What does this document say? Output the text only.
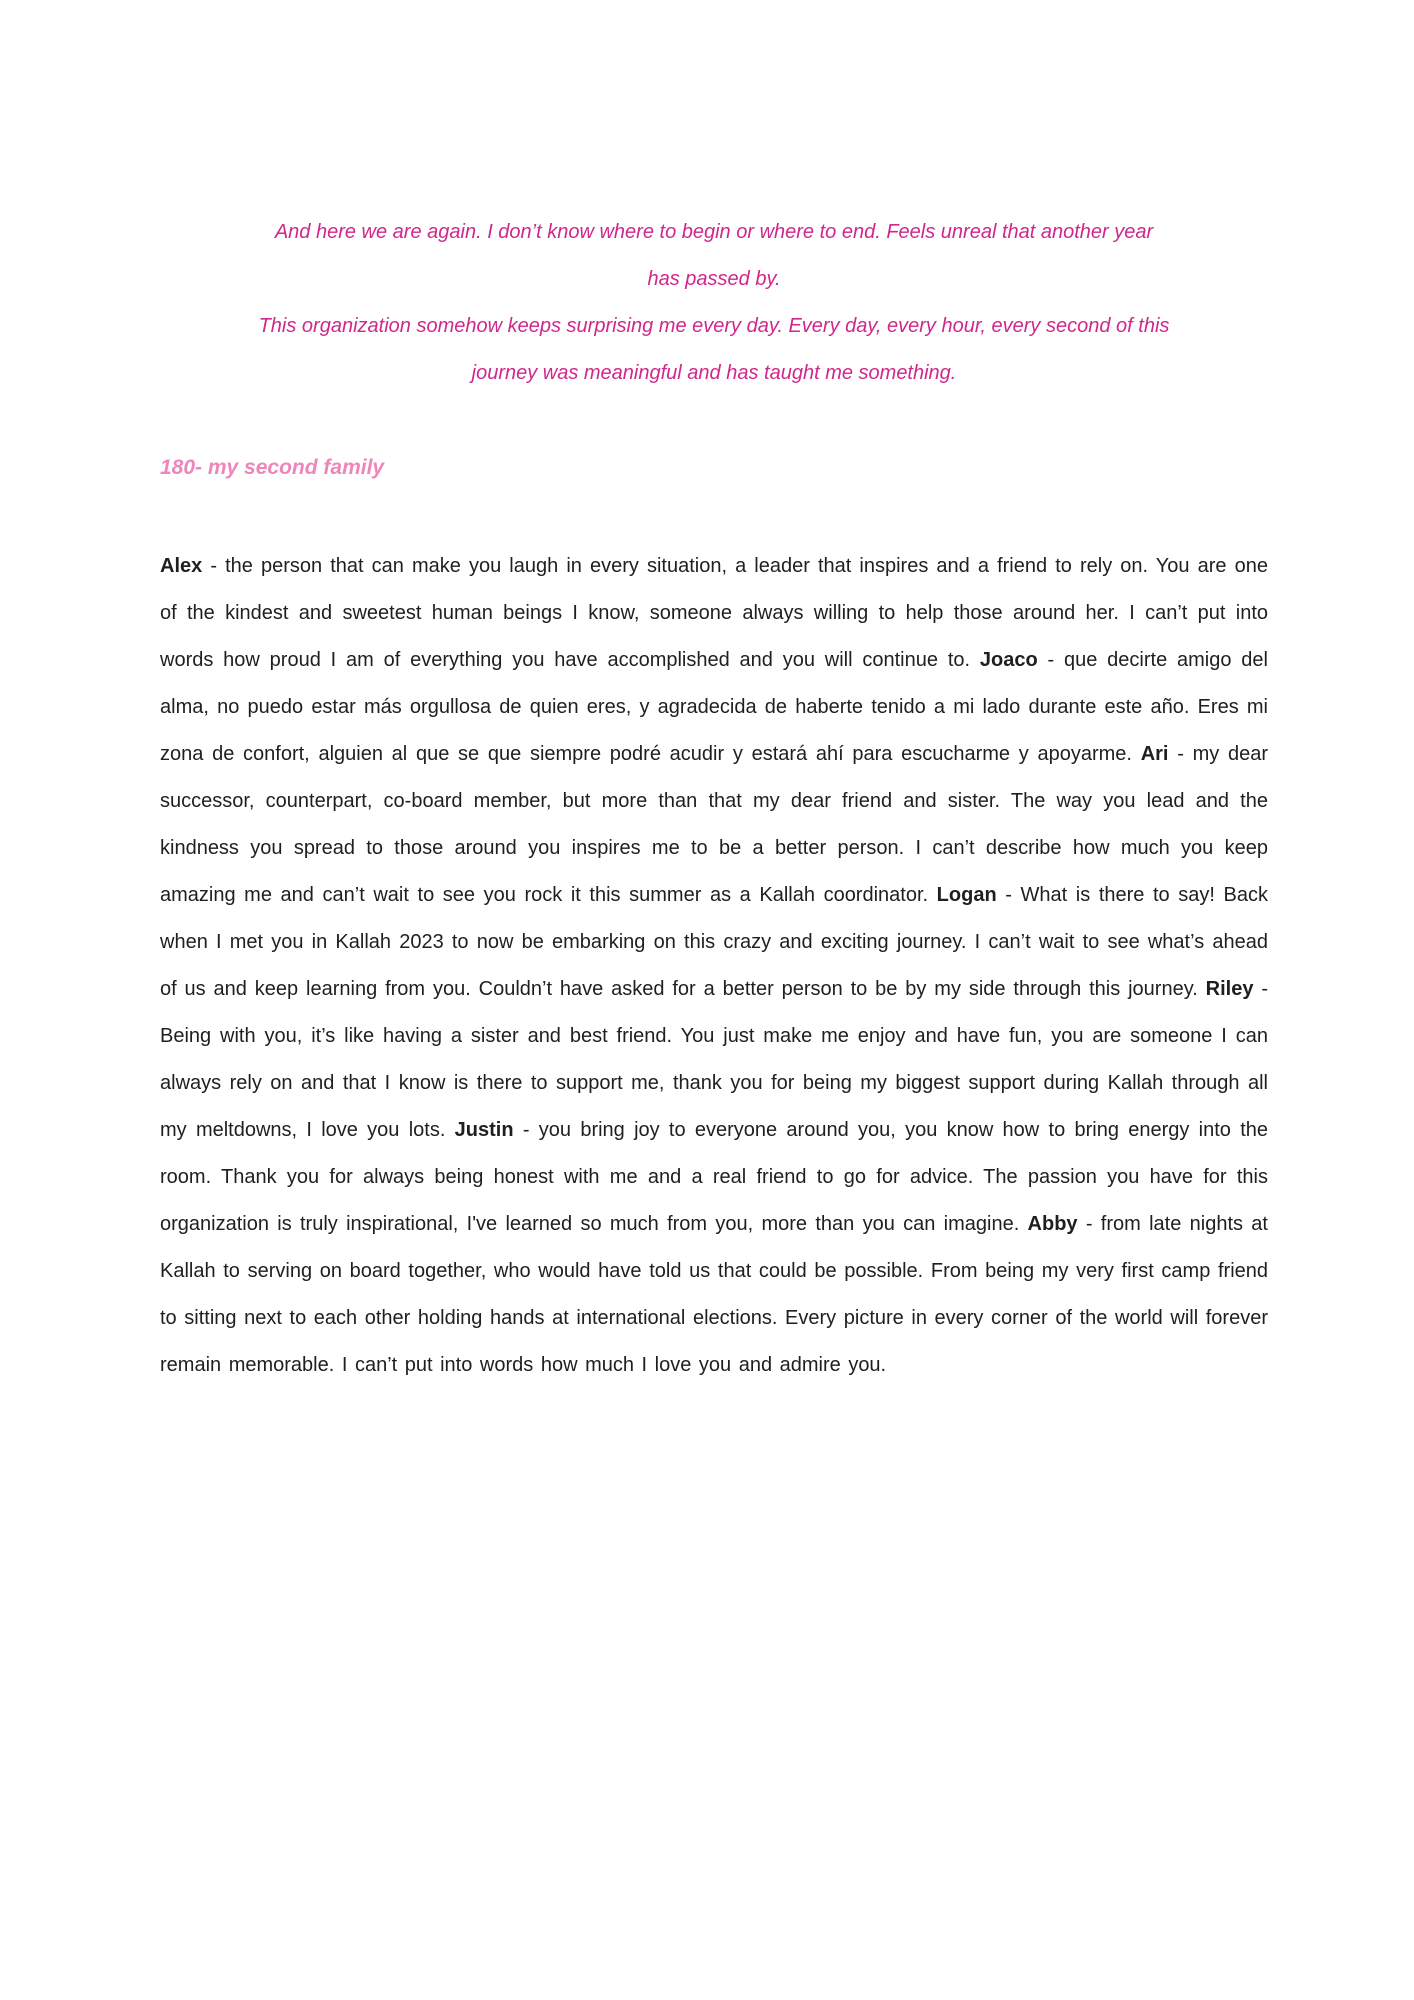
And here we are again. I don’t know where to begin or where to end. Feels unreal that another year
has passed by.
This organization somehow keeps surprising me every day. Every day, every hour, every second of this
journey was meaningful and has taught me something.
180- my second family

Alex - the person that can make you laugh in every situation, a leader that inspires and a friend to rely on. You are one of the kindest and sweetest human beings I know, someone always willing to help those around her. I can’t put into words how proud I am of everything you have accomplished and you will continue to. Joaco - que decirte amigo del alma, no puedo estar más orgullosa de quien eres, y agradecida de haberte tenido a mi lado durante este año. Eres mi zona de confort, alguien al que se que siempre podré acudir y estará ahí para escucharme y apoyarme. Ari - my dear successor, counterpart, co-board member, but more than that my dear friend and sister. The way you lead and the kindness you spread to those around you inspires me to be a better person. I can’t describe how much you keep amazing me and can’t wait to see you rock it this summer as a Kallah coordinator. Logan - What is there to say! Back when I met you in Kallah 2023 to now be embarking on this crazy and exciting journey. I can’t wait to see what’s ahead of us and keep learning from you. Couldn’t have asked for a better person to be by my side through this journey. Riley - Being with you, it’s like having a sister and best friend. You just make me enjoy and have fun, you are someone I can always rely on and that I know is there to support me, thank you for being my biggest support during Kallah through all my meltdowns, I love you lots. Justin - you bring joy to everyone around you, you know how to bring energy into the room. Thank you for always being honest with me and a real friend to go for advice. The passion you have for this organization is truly inspirational, I've learned so much from you, more than you can imagine. Abby - from late nights at Kallah to serving on board together, who would have told us that could be possible. From being my very first camp friend to sitting next to each other holding hands at international elections. Every picture in every corner of the world will forever remain memorable. I can’t put into words how much I love you and admire you.
